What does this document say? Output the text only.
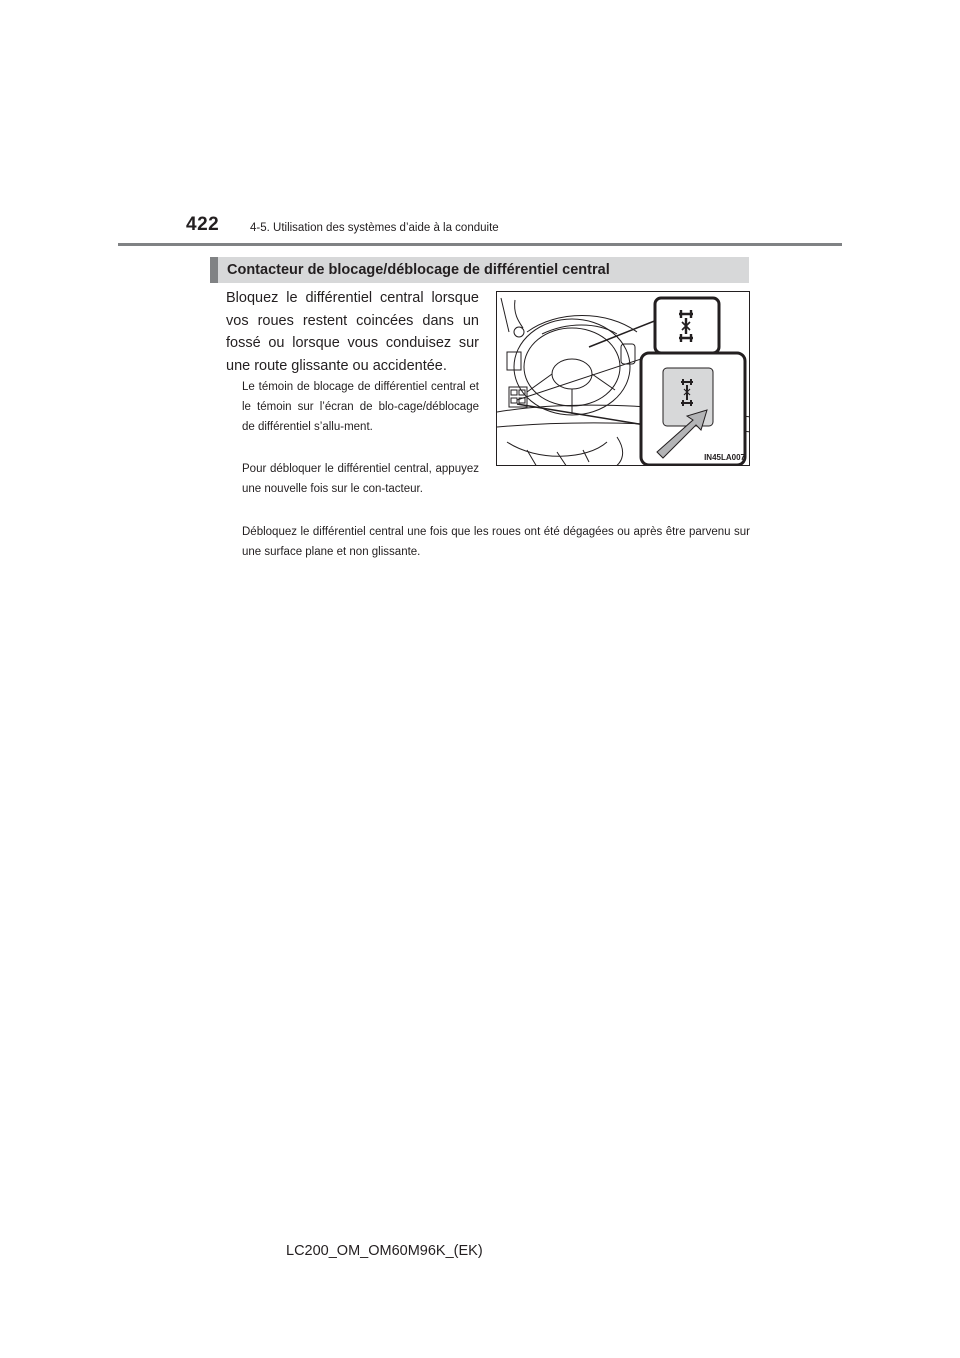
422	4-5. Utilisation des systèmes d’aide à la conduite
Contacteur de blocage/déblocage de différentiel central
Bloquez le différentiel central lorsque vos roues restent coincées dans un fossé ou lorsque vous conduisez sur une route glissante ou accidentée.
Le témoin de blocage de différentiel central et le témoin sur l’écran de blo-cage/déblocage de différentiel s’allu-ment.
Pour débloquer le différentiel central, appuyez une nouvelle fois sur le con-tacteur.
Débloquez le différentiel central une fois que les roues ont été dégagées ou après être parvenu sur une surface plane et non glissante.
IN45LA007
LC200_OM_OM60M96K_(EK)
